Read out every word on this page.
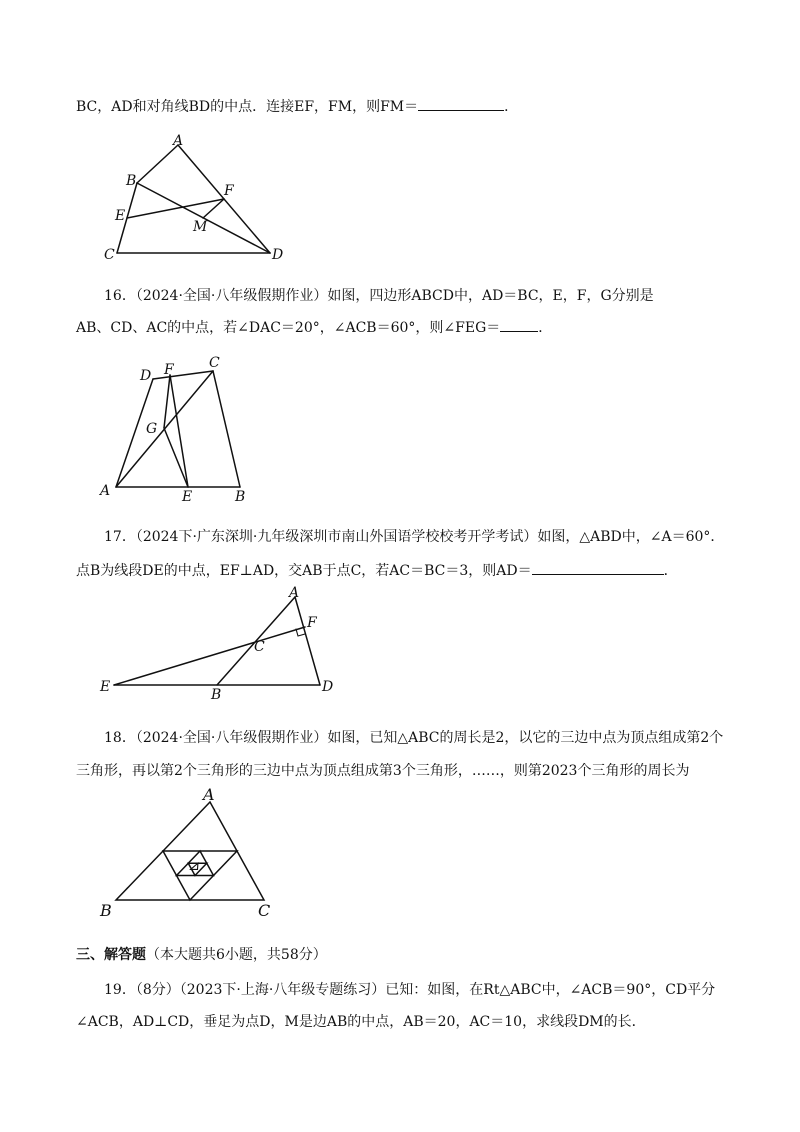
BC，AD和对角线BD的中点．连接EF，FM，则FM＝	．
A
B
F
E
M
C	D
16．（2024·全国·八年级假期作业）如图，四边形ABCD中，AD＝BC，E，F，G分别是
AB、CD、AC的中点，若∠DAC＝20°，∠ACB＝60°，则∠FEG＝	．
D F	C
G
A	E	B
17．（2024下·广东深圳·九年级深圳市南山外国语学校校考开学考试）如图，△ABD中，∠A＝60°．
点B为线段DE的中点，EF⊥AD，交AB于点C，若AC＝BC＝3，则AD＝	．
A
F
C
E	B	D
18．（2024·全国·八年级假期作业）如图，已知△ABC的周长是2，以它的三边中点为顶点组成第2个
三角形，再以第2个三角形的三边中点为顶点组成第3个三角形，……，则第2023个三角形的周长为
A
B	C
三、解答题（本大题共6小题，共58分）
19．（8分）（2023下·上海·八年级专题练习）已知：如图，在Rt△ABC中，∠ACB＝90°，CD平分
∠ACB，AD⊥CD，垂足为点D，M是边AB的中点，AB＝20，AC＝10，求线段DM的长．
